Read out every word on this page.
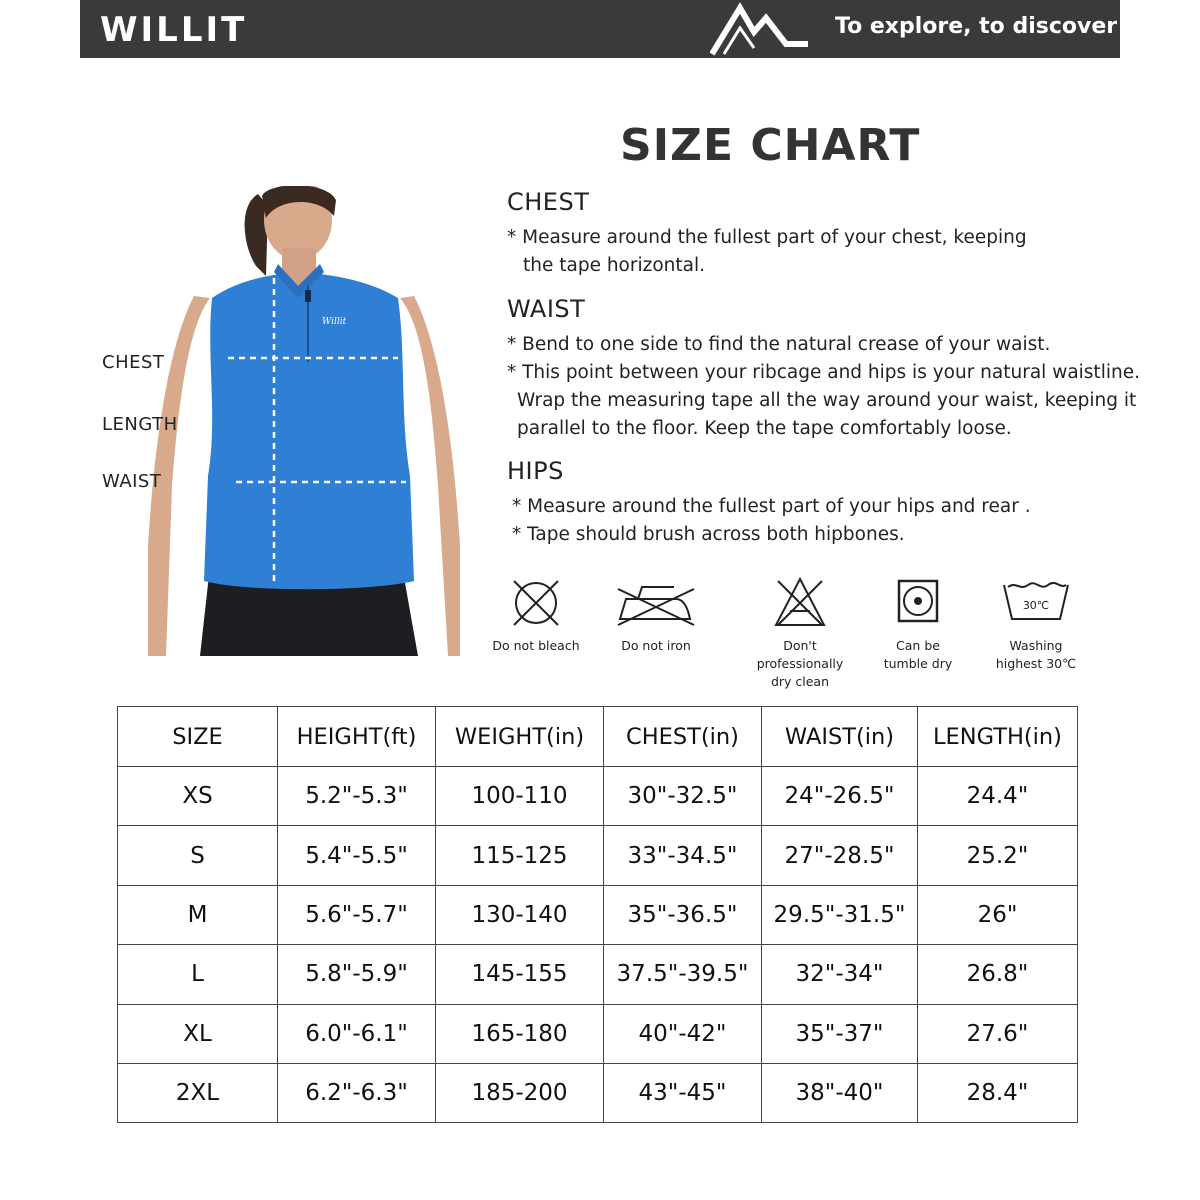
WILLIT	To explore, to discover
SIZE CHART
Willit
CHEST
LENGTH
WAIST
CHEST
* Measure around the fullest part of your chest, keeping
the tape horizontal.
WAIST
* Bend to one side to find the natural crease of your waist.
* This point between your ribcage and hips is your natural waistline.
Wrap the measuring tape all the way around your waist, keeping it
parallel to the floor. Keep the tape comfortably loose.
HIPS
* Measure around the fullest part of your hips and rear .
* Tape should brush across both hipbones.
Do not bleach	Do not iron	Don't professionally
dry clean
Can be
tumble dry
30℃
Washing
highest 30℃
SIZE	HEIGHT(ft)	WEIGHT(in)	CHEST(in)	WAIST(in)	LENGTH(in)
XS	5.2"-5.3"	100-110	30"-32.5"	24"-26.5"	24.4"
S	5.4"-5.5"	115-125	33"-34.5"	27"-28.5"	25.2"
M	5.6"-5.7"	130-140	35"-36.5"	29.5"-31.5"	26"
L	5.8"-5.9"	145-155	37.5"-39.5"	32"-34"	26.8"
XL	6.0"-6.1"	165-180	40"-42"	35"-37"	27.6"
2XL	6.2"-6.3"	185-200	43"-45"	38"-40"	28.4"
